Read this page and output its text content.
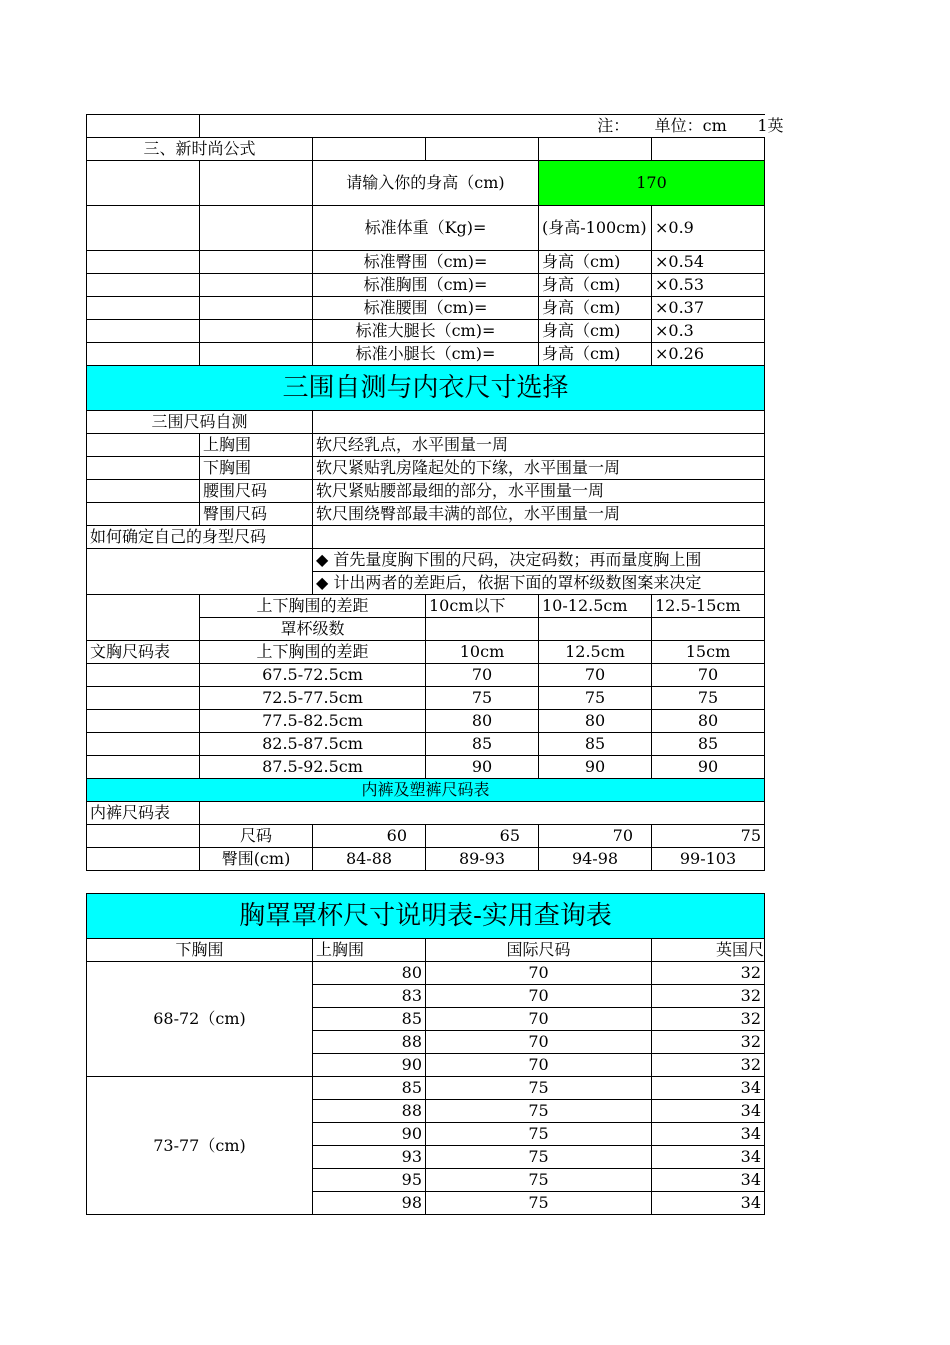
	注： 单位：cm 1英				
三、新时尚公式					
		请输入你的身高（cm)		170	
		标准体重（Kg)=		(身高-100cm)	×0.9
		标准臀围（cm)=		身高（cm)	×0.54
		标准胸围（cm)=		身高（cm)	×0.53
		标准腰围（cm)=		身高（cm)	×0.37
		标准大腿长（cm)=		身高（cm)	×0.3
		标准小腿长（cm)=		身高（cm)	×0.26
三围自测与内衣尺寸选择					
三围尺码自测					
	上胸围	软尺经乳点，水平围量一周			
	下胸围	软尺紧贴乳房隆起处的下缘，水平围量一周			
	腰围尺码	软尺紧贴腰部最细的部分，水平围量一周			
	臀围尺码	软尺围绕臀部最丰满的部位，水平围量一周			
如何确定自己的身型尺码					
		◆ 首先量度胸下围的尺码，决定码数；再而量度胸上围			
		◆ 计出两者的差距后，依据下面的罩杯级数图案来决定			
	上下胸围的差距		10cm以下	10-12.5cm	12.5-15cm
	罩杯级数				
文胸尺码表	上下胸围的差距		10cm	12.5cm	15cm
	67.5-72.5cm		70	70	70
	72.5-77.5cm		75	75	75
	77.5-82.5cm		80	80	80
	82.5-87.5cm		85	85	85
	87.5-92.5cm		90	90	90
内裤及塑裤尺码表					
内裤尺码表					
	尺码	60	65	70	75
	臀围(cm)	84-88	89-93	94-98	99-103
胸罩罩杯尺寸说明表-实用查询表			
下胸围	上胸围	国际尺码	英国尺
68-72（cm)	80	70	32
	83	70	32
	85	70	32
	88	70	32
	90	70	32
73-77（cm)	85	75	34
	88	75	34
	90	75	34
	93	75	34
	95	75	34
	98	75	34
